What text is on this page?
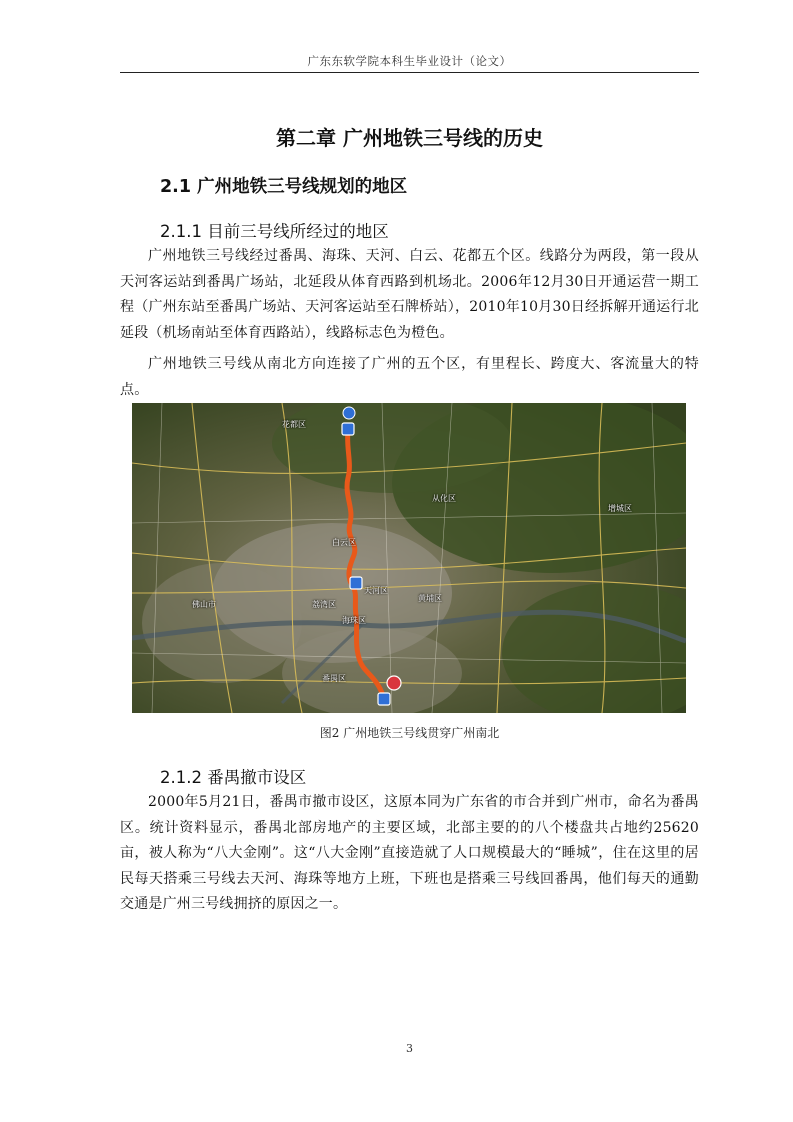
广东东软学院本科生毕业设计（论文）
第二章 广州地铁三号线的历史
2.1 广州地铁三号线规划的地区
2.1.1 目前三号线所经过的地区

广州地铁三号线经过番禺、海珠、天河、白云、花都五个区。线路分为两段，第一段从天河客运站到番禺广场站，北延段从体育西路到机场北。2006年12月30日开通运营一期工程（广州东站至番禺广场站、天河客运站至石牌桥站），2010年10月30日经拆解开通运行北延段（机场南站至体育西路站），线路标志色为橙色。

广州地铁三号线从南北方向连接了广州的五个区，有里程长、跨度大、客流量大的特点。

花都区
从化区
增城区
白云区
天河区
黄埔区
荔湾区
海珠区
番禺区
佛山市
图2 广州地铁三号线贯穿广州南北
2.1.2 番禺撤市设区

2000年5月21日，番禺市撤市设区，这原本同为广东省的市合并到广州市，命名为番禺区。统计资料显示，番禺北部房地产的主要区域，北部主要的的八个楼盘共占地约25620亩，被人称为“八大金刚”。这“八大金刚”直接造就了人口规模最大的“睡城”，住在这里的居民每天搭乘三号线去天河、海珠等地方上班，下班也是搭乘三号线回番禺，他们每天的通勤交通是广州三号线拥挤的原因之一。

3
